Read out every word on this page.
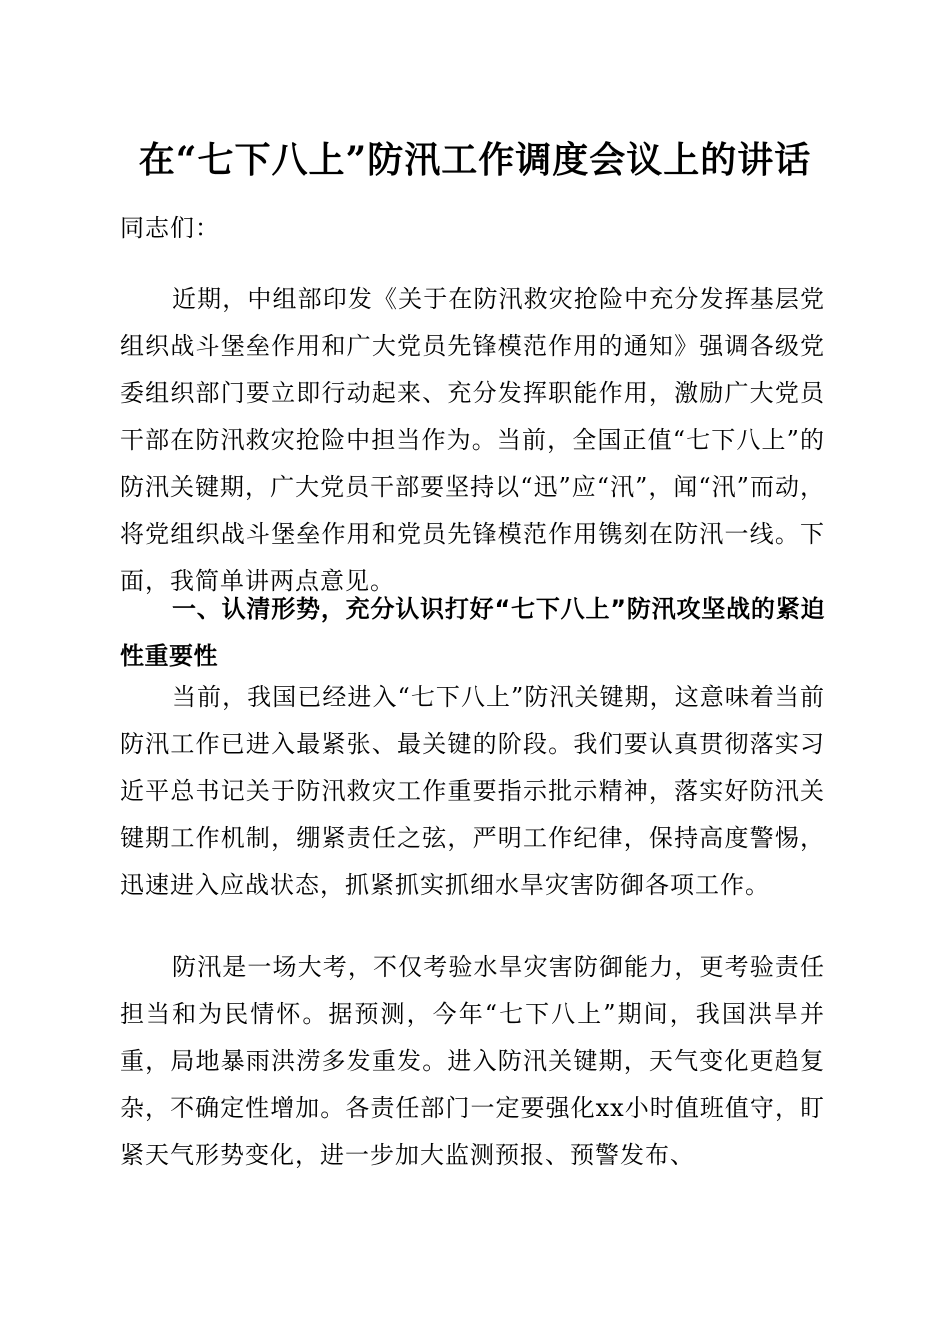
在“七下八上”防汛工作调度会议上的讲话
同志们：
近期，中组部印发《关于在防汛救灾抢险中充分发挥基层党组织战斗堡垒作用和广大党员先锋模范作用的通知》强调各级党委组织部门要立即行动起来、充分发挥职能作用，激励广大党员干部在防汛救灾抢险中担当作为。当前，全国正值“七下八上”的防汛关键期，广大党员干部要坚持以“迅”应“汛”，闻“汛”而动，将党组织战斗堡垒作用和党员先锋模范作用镌刻在防汛一线。下面，我简单讲两点意见。
一、认清形势，充分认识打好“七下八上”防汛攻坚战的紧迫性重要性
当前，我国已经进入“七下八上”防汛关键期，这意味着当前防汛工作已进入最紧张、最关键的阶段。我们要认真贯彻落实习近平总书记关于防汛救灾工作重要指示批示精神，落实好防汛关键期工作机制，绷紧责任之弦，严明工作纪律，保持高度警惕，迅速进入应战状态，抓紧抓实抓细水旱灾害防御各项工作。
防汛是一场大考，不仅考验水旱灾害防御能力，更考验责任担当和为民情怀。据预测，今年“七下八上”期间，我国洪旱并重，局地暴雨洪涝多发重发。进入防汛关键期，天气变化更趋复杂，不确定性增加。各责任部门一定要强化xx小时值班值守，盯紧天气形势变化，进一步加大监测预报、预警发布、
